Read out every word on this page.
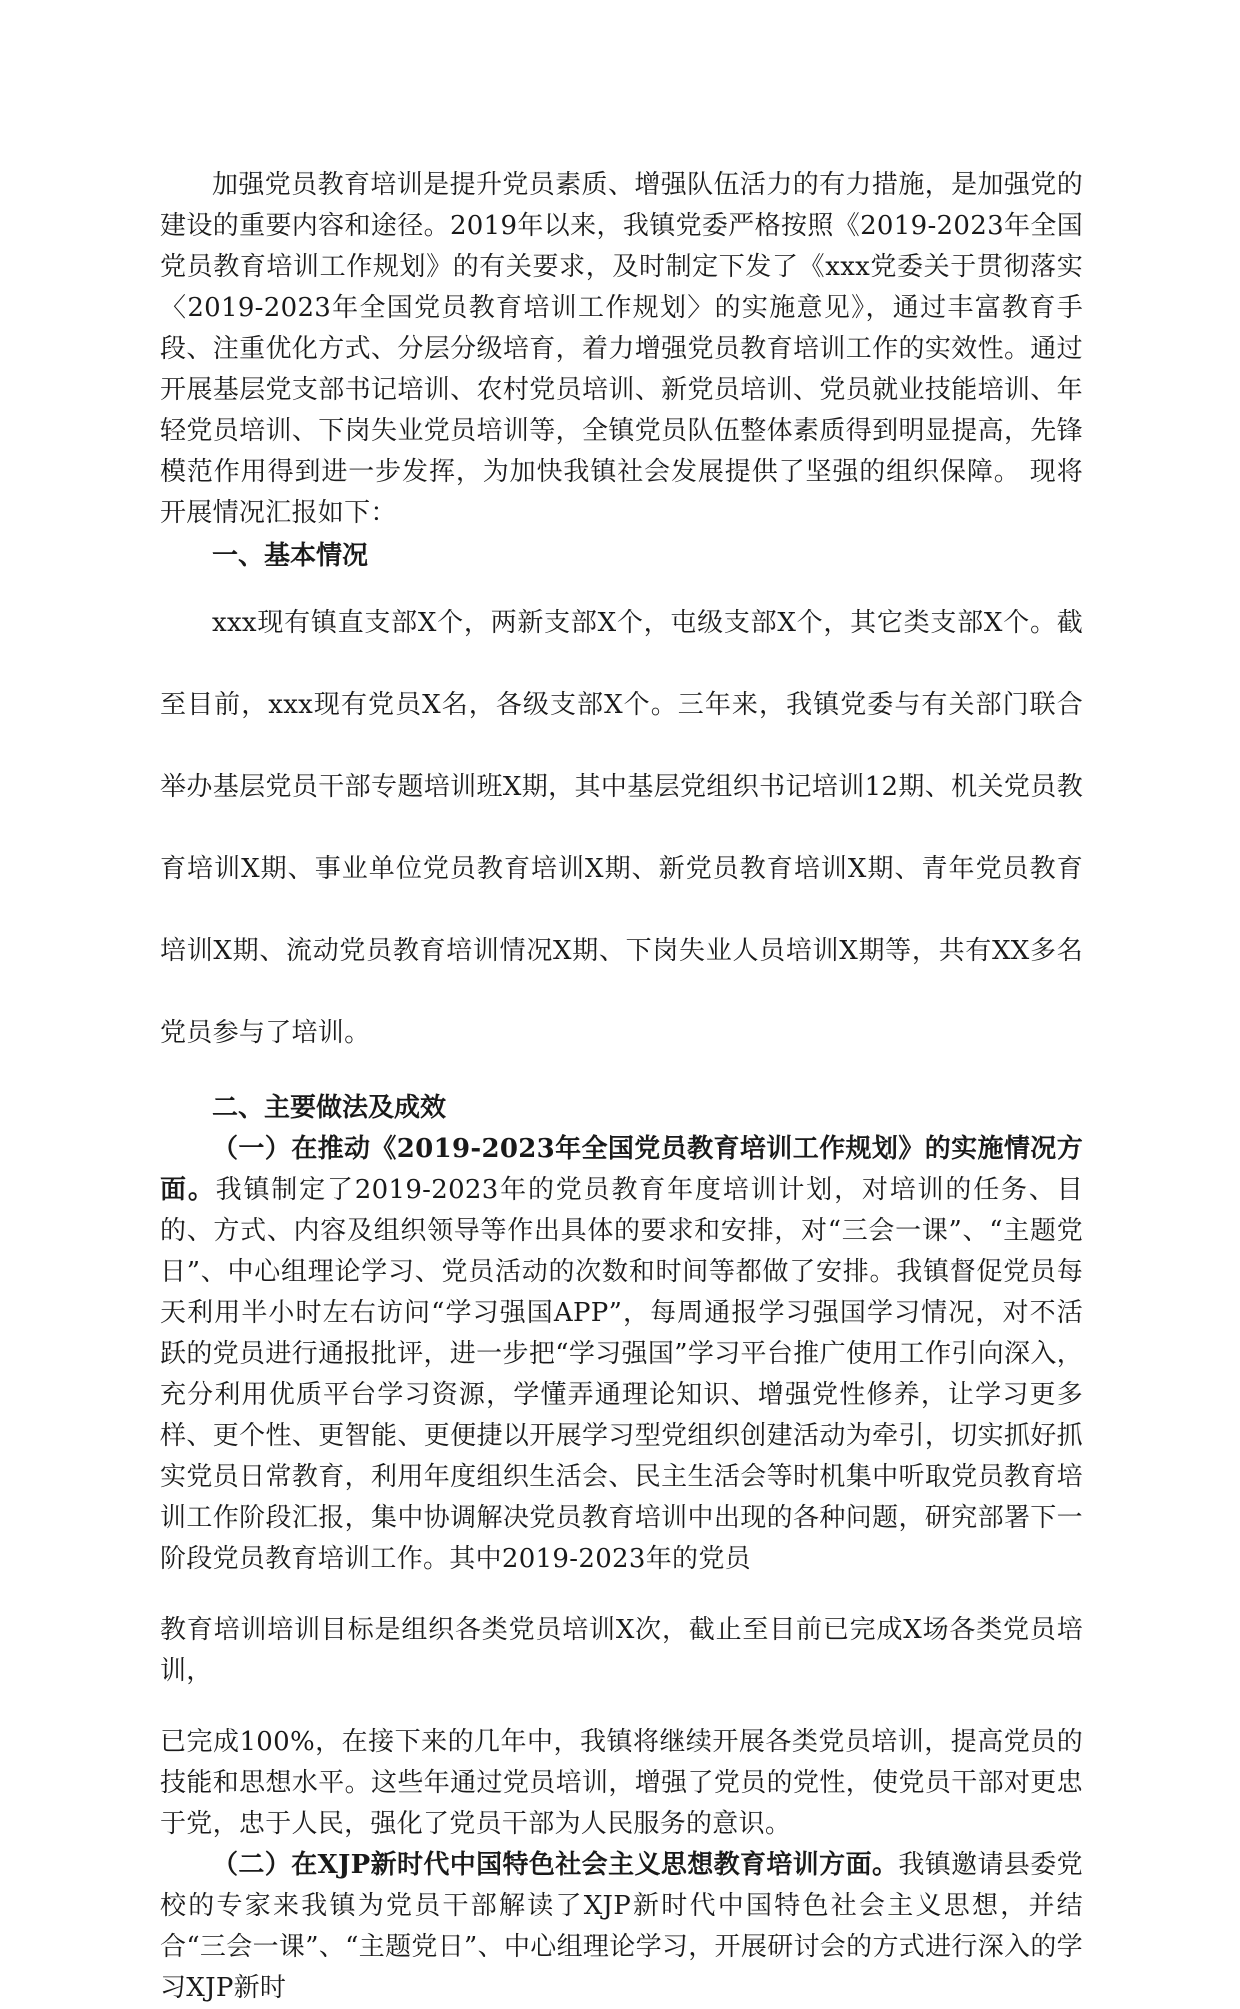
加强党员教育培训是提升党员素质、增强队伍活力的有力措施，是加强党的建设的重要内容和途径。2019年以来，我镇党委严格按照《2019-2023年全国党员教育培训工作规划》的有关要求，及时制定下发了《xxx党委关于贯彻落实〈2019-2023年全国党员教育培训工作规划〉的实施意见》，通过丰富教育手段、注重优化方式、分层分级培育，着力增强党员教育培训工作的实效性。通过开展基层党支部书记培训、农村党员培训、新党员培训、党员就业技能培训、年轻党员培训、下岗失业党员培训等，全镇党员队伍整体素质得到明显提高，先锋模范作用得到进一步发挥，为加快我镇社会发展提供了坚强的组织保障。 现将开展情况汇报如下：

一、基本情况

xxx现有镇直支部X个，两新支部X个，屯级支部X个，其它类支部X个。截至目前，xxx现有党员X名，各级支部X个。三年来，我镇党委与有关部门联合举办基层党员干部专题培训班X期，其中基层党组织书记培训12期、机关党员教育培训X期、事业单位党员教育培训X期、新党员教育培训X期、青年党员教育培训X期、流动党员教育培训情况X期、下岗失业人员培训X期等，共有XX多名党员参与了培训。

二、主要做法及成效

（一）在推动《2019-2023年全国党员教育培训工作规划》的实施情况方面。我镇制定了2019-2023年的党员教育年度培训计划，对培训的任务、目的、方式、内容及组织领导等作出具体的要求和安排，对“三会一课”、“主题党日”、中心组理论学习、党员活动的次数和时间等都做了安排。我镇督促党员每天利用半小时左右访问“学习强国APP”，每周通报学习强国学习情况，对不活跃的党员进行通报批评，进一步把“学习强国”学习平台推广使用工作引向深入，充分利用优质平台学习资源，学懂弄通理论知识、增强党性修养，让学习更多样、更个性、更智能、更便捷以开展学习型党组织创建活动为牵引，切实抓好抓实党员日常教育，利用年度组织生活会、民主生活会等时机集中听取党员教育培训工作阶段汇报，集中协调解决党员教育培训中出现的各种问题，研究部署下一阶段党员教育培训工作。其中2019-2023年的党员

教育培训培训目标是组织各类党员培训X次，截止至目前已完成X场各类党员培训，

已完成100%，在接下来的几年中，我镇将继续开展各类党员培训，提高党员的技能和思想水平。这些年通过党员培训，增强了党员的党性，使党员干部对更忠于党，忠于人民，强化了党员干部为人民服务的意识。

（二）在XJP新时代中国特色社会主义思想教育培训方面。我镇邀请县委党校的专家来我镇为党员干部解读了XJP新时代中国特色社会主义思想，并结合“三会一课”、“主题党日”、中心组理论学习，开展研讨会的方式进行深入的学习XJP新时
